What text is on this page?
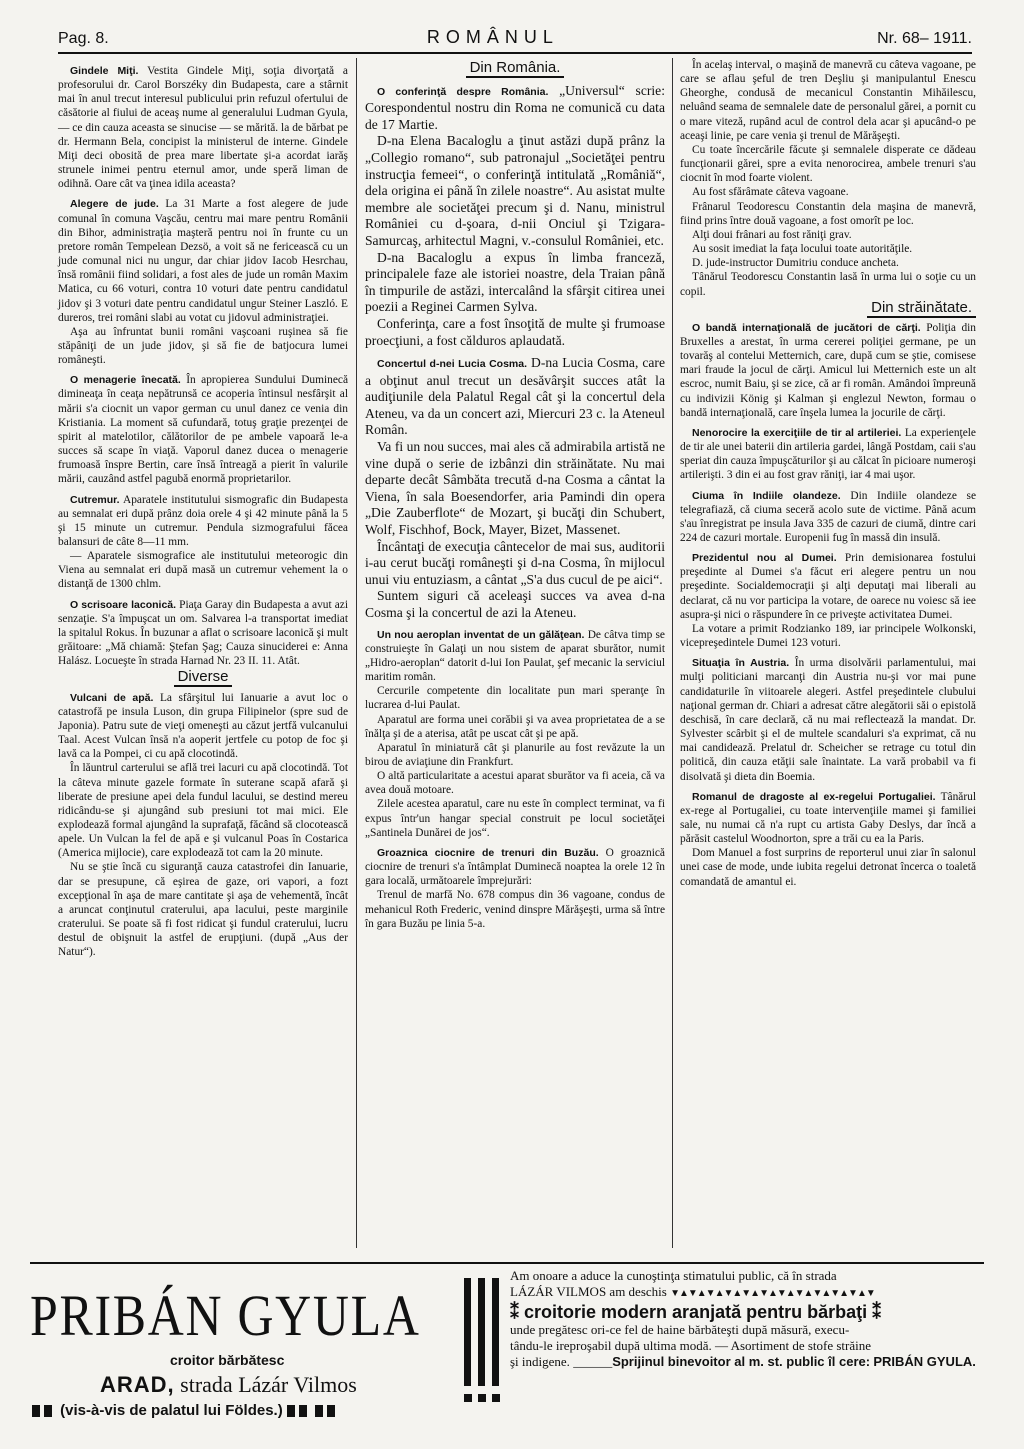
Pag. 8.	ROMÂNUL	Nr. 68– 1911.

Gindele Miţi. Vestita Gindele Miţi, soţia divorţată a profesorului dr. Carol Borszéky din Budapesta, care a stârnit mai în anul trecut interesul publicului prin refuzul ofertului de căsătorie al fiului de aceaş nume al generalului Ludman Gyula, — ce din cauza aceasta se sinucise — se mărită. la de bărbat pe dr. Hermann Bela, concipist la ministerul de interne. Gindele Miţi deci obosită de prea mare libertate şi-a acordat iarăş strunele inimei pentru eternul amor, unde speră liman de odihnă. Oare cât va ţinea idila aceasta?

Alegere de jude. La 31 Marte a fost alegere de jude comunal în comuna Vaşcău, centru mai mare pentru Românii din Bihor, administraţia maşteră pentru noi în frunte cu un pretore român Tempelean Dezsö, a voit să ne fericească cu un jude comunal nici nu ungur, dar chiar jidov Iacob Hesrchau, însă românii fiind solidari, a fost ales de jude un român Maxim Matica, cu 66 voturi, contra 10 voturi date pentru candidatul jidov şi 3 voturi date pentru candidatul ungur Steiner Laszló. E dureros, trei români slabi au votat cu jidovul administraţiei.

Aşa au înfruntat bunii români vaşcoani ruşinea să fie stăpâniţi de un jude jidov, şi să fie de batjocura lumei româneşti.

O menagerie înecată. În apropierea Sundului Duminecă dimineaţa în ceaţa nepătrunsă ce acoperia întinsul nesfârşit al mării s'a ciocnit un vapor german cu unul danez ce venia din Kristiania. La moment să cufundară, totuş graţie prezenţei de spirit al matelotilor, călătorilor de pe ambele vapoară le-a succes să scape în viaţă. Vaporul danez ducea o menagerie frumoasă înspre Bertin, care însă întreagă a pierit în valurile mării, cauzând astfel pagubă enormă proprietarilor.

Cutremur. Aparatele institutului sismografic din Budapesta au semnalat eri după prânz doia orele 4 şi 42 minute până la 5 şi 15 minute un cutremur. Pendula sizmografului făcea balansuri de câte 8—11 mm.

— Aparatele sismografice ale institutului meteorogic din Viena au semnalat eri după masă un cutremur vehement la o distanţă de 1300 chlm.

O scrisoare laconică. Piaţa Garay din Budapesta a avut azi senzaţie. S'a împuşcat un om. Salvarea l-a transportat imediat la spitalul Rokus. În buzunar a aflat o scrisoare laconică şi mult grăitoare: „Mă chiamă: Ştefan Şag; Cauza sinuciderei e: Anna Halász. Locueşte în strada Harnad Nr. 23 II. 11. Atât.

Diverse

Vulcani de apă. La sfârşitul lui Ianuarie a avut loc o catastrofă pe insula Luson, din grupa Filipinelor (spre sud de Japonia). Patru sute de vieţi omeneşti au căzut jertfă vulcanului Taal. Acest Vulcan însă n'a aoperit jertfele cu potop de foc şi lavă ca la Pompei, ci cu apă clocotindă.

În lăuntrul carterului se află trei lacuri cu apă clocotindă. Tot la câteva minute gazele formate în suterane scapă afară şi liberate de presiune apei dela fundul lacului, se destind mereu ridicându-se şi ajungând sub presiuni tot mai mici. Ele explodează formal ajungând la suprafaţă, făcând să clocotească apele. Un Vulcan la fel de apă e şi vulcanul Poas în Costarica (America mijlocie), care explodează tot cam la 20 minute.

Nu se ştie încă cu siguranţă cauza catastrofei din Ianuarie, dar se presupune, că eşirea de gaze, ori vapori, a fozt excepţional în aşa de mare cantitate şi aşa de vehementă, încât a aruncat conţinutul craterului, apa lacului, peste marginile craterului. Se poate să fi fost ridicat şi fundul craterului, lucru destul de obişnuit la astfel de erupţiuni. (după „Aus der Natur“).

Din România.

O conferinţă despre România. „Universul“ scrie: Corespondentul nostru din Roma ne comunică cu data de 17 Martie.

D-na Elena Bacaloglu a ţinut astăzi după prânz la „Collegio romano“, sub patronajul „Societăţei pentru instrucţia femeei“, o conferinţă intitulată „Româniă“, dela origina ei până în zilele noastre“. Au asistat multe membre ale societăţei precum şi d. Nanu, ministrul României cu d-şoara, d-nii Onciul şi Tzigara-Samurcaş, arhitectul Magni, v.-consulul României, etc.

D-na Bacaloglu a expus în limba franceză, principalele faze ale istoriei noastre, dela Traian până în timpurile de astăzi, intercalând la sfârşit citirea unei poezii a Reginei Carmen Sylva.

Conferinţa, care a fost însoţită de multe şi frumoase proecţiuni, a fost călduros aplaudată.

Concertul d-nei Lucia Cosma. D-na Lucia Cosma, care a obţinut anul trecut un desăvârşit succes atât la audiţiunile dela Palatul Regal cât şi la concertul dela Ateneu, va da un concert azi, Miercuri 23 c. la Ateneul Român.

Va fi un nou succes, mai ales că admirabila artistă ne vine după o serie de izbânzi din străinătate. Nu mai departe decât Sâmbăta trecută d-na Cosma a cântat la Viena, în sala Boesendorfer, aria Pamindi din opera „Die Zauberflote“ de Mozart, şi bucăţi din Schubert, Wolf, Fischhof, Bock, Mayer, Bizet, Massenet.

Încântaţi de execuţia cântecelor de mai sus, auditorii i-au cerut bucăţi româneşti şi d-na Cosma, în mijlocul unui viu entuziasm, a cântat „S'a dus cucul de pe aici“.

Suntem siguri că aceleaşi succes va avea d-na Cosma şi la concertul de azi la Ateneu.

Un nou aeroplan inventat de un gălăţean. De câtva timp se construieşte în Galaţi un nou sistem de aparat sburător, numit „Hidro-aeroplan“ datorit d-lui Ion Paulat, şef mecanic la serviciul maritim român.

Cercurile competente din localitate pun mari speranţe în lucrarea d-lui Paulat.

Aparatul are forma unei corăbii şi va avea proprietatea de a se înălţa şi de a aterisa, atât pe uscat cât şi pe apă.

Aparatul în miniatură cât şi planurile au fost revăzute la un birou de aviaţiune din Frankfurt.

O altă particularitate a acestui aparat sburător va fi aceia, că va avea două motoare.

Zilele acestea aparatul, care nu este în complect terminat, va fi expus într'un hangar special construit pe locul societăţei „Santinela Dunărei de jos“.

Groaznica ciocnire de trenuri din Buzău. O groaznică ciocnire de trenuri s'a întâmplat Duminecă noaptea la orele 12 în gara locală, următoarele împrejurări:

Trenul de marfă No. 678 compus din 36 vagoane, condus de mehanicul Roth Frederic, venind dinspre Mărăşeşti, urma să între în gara Buzău pe linia 5-a.

În acelaş interval, o maşină de manevră cu câteva vagoane, pe care se aflau şeful de tren Deşliu şi manipulantul Enescu Gheorghe, condusă de mecanicul Constantin Mihăilescu, neluând seama de semnalele date de personalul gărei, a pornit cu o mare viteză, rupând acul de control dela acar şi apucând-o pe aceaşi linie, pe care venia şi trenul de Mărăşeşti.

Cu toate încercările făcute şi semnalele disperate ce dădeau funcţionarii gărei, spre a evita nenorocirea, ambele trenuri s'au ciocnit în mod foarte violent.

Au fost sfărâmate câteva vagoane.

Frânarul Teodorescu Constantin dela maşina de manevră, fiind prins între două vagoane, a fost omorît pe loc.

Alţi doui frânari au fost răniţi grav.

Au sosit imediat la faţa locului toate autorităţile.

D. jude-instructor Dumitriu conduce ancheta.

Tânărul Teodorescu Constantin lasă în urma lui o soţie cu un copil.

Din străinătate.

O bandă internaţională de jucători de cărţi. Poliţia din Bruxelles a arestat, în urma cererei poliţiei germane, pe un tovarăş al contelui Metternich, care, după cum se ştie, comisese mari fraude la jocul de cărţi. Amicul lui Metternich este un alt escroc, numit Baiu, şi se zice, că ar fi român. Amândoi împreună cu indivizii König şi Kalman şi englezul Newton, formau o bandă internaţională, care înşela lumea la jocurile de cărţi.

Nenorocire la exerciţiile de tir al artileriei. La experienţele de tir ale unei baterii din artileria gardei, lângă Postdam, caii s'au speriat din cauza împuşcăturilor şi au călcat în picioare numeroşi artilerişti. 3 din ei au fost grav răniţi, iar 4 mai uşor.

Ciuma în Indiile olandeze. Din Indiile olandeze se telegrafiază, că ciuma seceră acolo sute de victime. Până acum s'au înregistrat pe insula Java 335 de cazuri de ciumă, dintre cari 224 de cazuri mortale. Europenii fug în massă din insulă.

Prezidentul nou al Dumei. Prin demisionarea fostului preşedinte al Dumei s'a făcut eri alegere pentru un nou preşedinte. Socialdemocraţii şi alţi deputaţi mai liberali au declarat, că nu vor participa la votare, de oarece nu voiesc să iee asupra-şi nici o răspundere în ce priveşte activitatea Dumei.

La votare a primit Rodzianko 189, iar principele Wolkonski, vicepreşedintele Dumei 123 voturi.

Situaţia în Austria. În urma disolvării parlamentului, mai mulţi politiciani marcanţi din Austria nu-şi vor mai pune candidaturile în viitoarele alegeri. Astfel preşedintele clubului naţional german dr. Chiari a adresat către alegătorii săi o epistolă deschisă, în care declară, că nu mai reflectează la mandat. Dr. Sylvester scârbit şi el de multele scandaluri s'a exprimat, că nu mai candidează. Prelatul dr. Scheicher se retrage cu totul din politică, din cauza etăţii sale înaintate. La vară probabil va fi disolvată şi dieta din Boemia.

Romanul de dragoste al ex-regelui Portugaliei. Tânărul ex-rege al Portugaliei, cu toate intervenţiile mamei şi familiei sale, nu numai că n'a rupt cu artista Gaby Deslys, dar încă a părăsit castelul Woodnorton, spre a trăi cu ea la Paris.

Dom Manuel a fost surprins de reporterul unui ziar în salonul unei case de mode, unde iubita regelui detronat încerca o toaletă comandată de amantul ei.

PRIBÁN GYULA
croitor bărbătesc
ARAD, strada Lázár Vilmos
(vis-à-vis de palatul lui Földes.)
Am onoare a aduce la cunoştinţa stimatului public, că în strada
LÁZÁR VILMOS am deschis ▼▲▼▲▼▲▼▲▼▲▼▲▼▲▼▲▼▲▼▲▼▲▼
⁑ croitorie modern aranjată pentru bărbaţi ⁑
unde pregătesc ori-ce fel de haine bărbăteşti după măsură, execu-
tându-le ireproşabil după ultima modă. — Asortiment de stofe străine
şi indigene. ______Sprijinul binevoitor al m. st. public îl cere: PRIBÁN GYULA.
